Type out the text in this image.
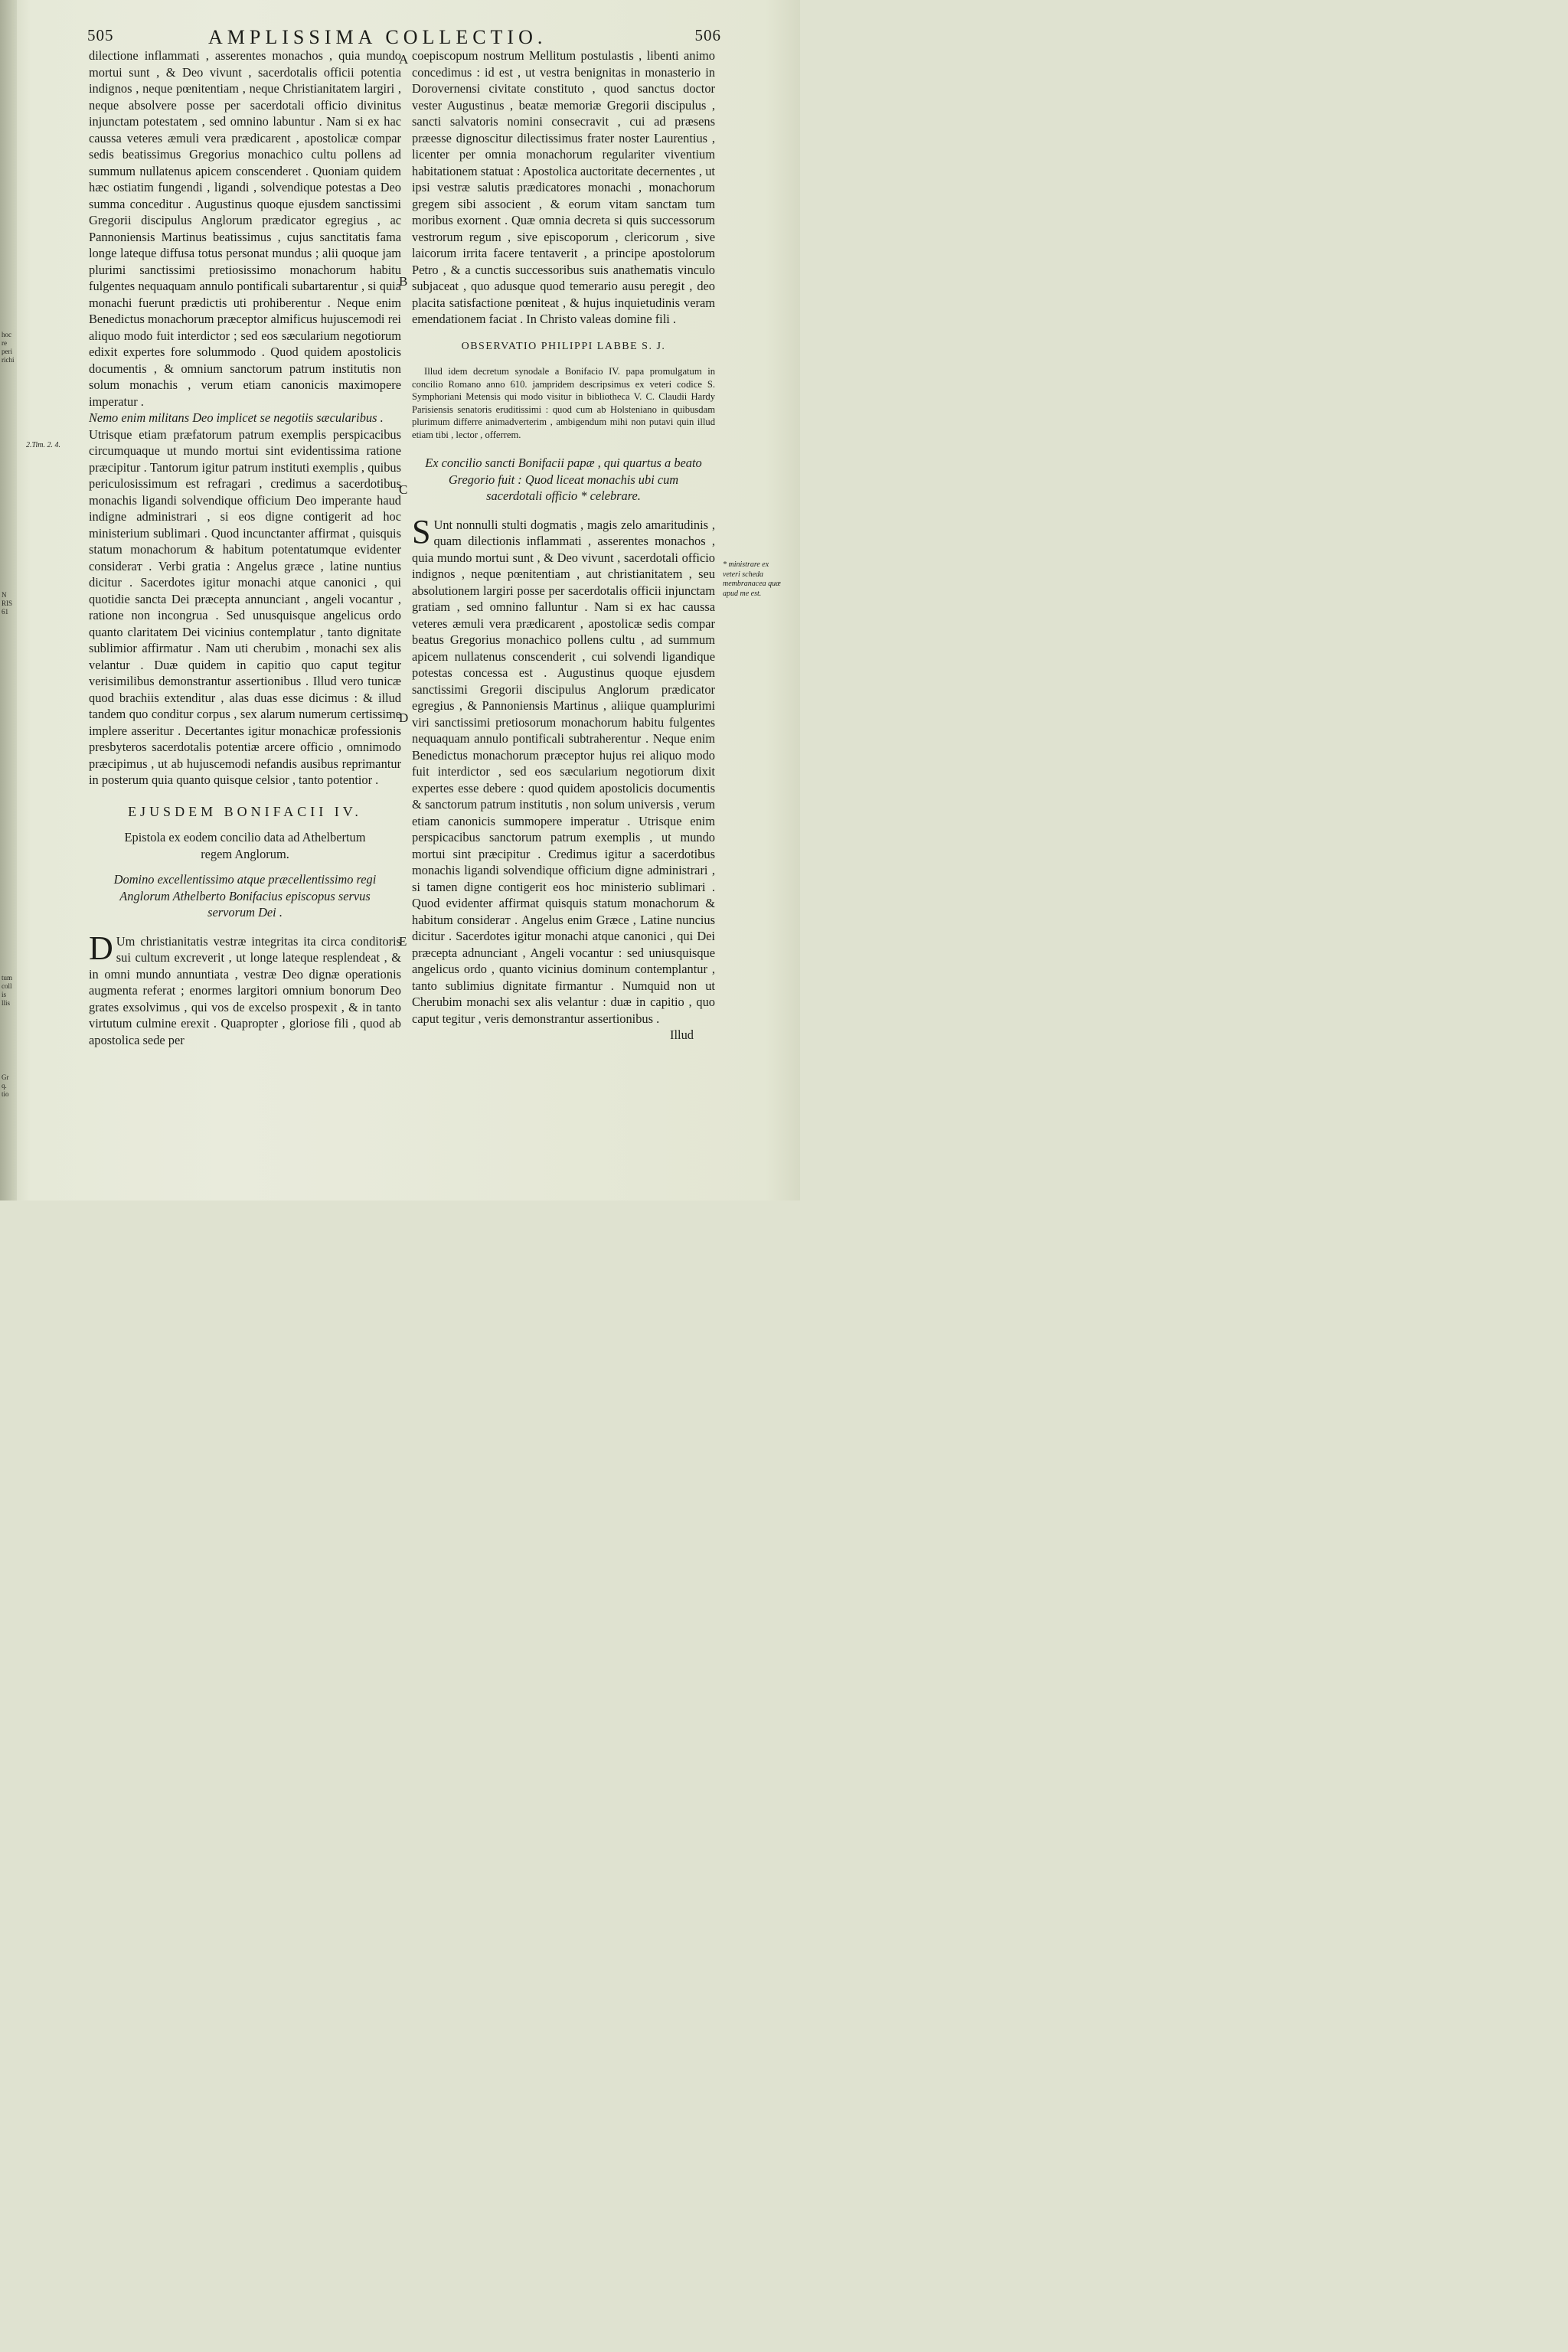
hoc
re
peri
richi
N
RIS
61
tum
coll
is
llis
Gr
q.
tio
505	AMPLISSIMA COLLECTIO.	506

dilectione inflammati , asserentes monachos , quia mundo mortui sunt , & Deo vivunt , sacerdotalis officii potentia indignos , neque pœnitentiam , neque Christianitatem largiri , neque absolvere posse per sacerdotali officio divinitus injunctam potestatem , sed omnino labuntur . Nam si ex hac caussa veteres æmuli vera prædicarent , apostolicæ compar sedis beatissimus Gregorius monachico cultu pollens ad summum nullatenus apicem conscenderet . Quoniam quidem hæc ostiatim fungendi , ligandi , solvendique potestas a Deo summa conceditur . Augustinus quoque ejusdem sanctissimi Gregorii discipulus Anglorum prædicator egregius , ac Pannoniensis Martinus beatissimus , cujus sanctitatis fama longe lateque diffusa totus personat mundus ; alii quoque jam plurimi sanctissimi pretiosissimo monachorum habitu fulgentes nequaquam annulo pontificali subartarentur , si quia monachi fuerunt prædictis uti prohiberentur . Neque enim Benedictus monachorum præceptor almificus hujuscemodi rei aliquo modo fuit interdictor ; sed eos sæcularium negotiorum edixit expertes fore solummodo . Quod quidem apostolicis documentis , & omnium sanctorum patrum institutis non solum monachis , verum etiam canonicis maximopere imperatur .

Nemo enim militans Deo implicet se negotiis sæcularibus .

Utrisque etiam præfatorum patrum exemplis perspicacibus circumquaque ut mundo mortui sint evidentissima ratione præcipitur . Tantorum igitur patrum instituti exemplis , quibus periculosissimum est refragari , credimus a sacerdotibus monachis ligandi solvendique officium Deo imperante haud indigne administrari , si eos digne contigerit ad hoc ministerium sublimari . Quod incunctanter affirmat , quisquis statum monachorum & habitum potentatumque evidenter consideraт . Verbi gratia : Angelus græce , latine nuntius dicitur . Sacerdotes igitur monachi atque canonici , qui quotidie sancta Dei præcepta annunciant , angeli vocantur , ratione non incongrua . Sed unusquisque angelicus ordo quanto claritatem Dei vicinius contemplatur , tanto dignitate sublimior affirmatur . Nam uti cherubim , monachi sex alis velantur . Duæ quidem in capitio quo caput tegitur verisimilibus demonstrantur assertionibus . Illud vero tunicæ quod brachiis extenditur , alas duas esse dicimus : & illud tandem quo conditur corpus , sex alarum numerum certissime implere asseritur . Decertantes igitur monachicæ professionis presbyteros sacerdotalis potentiæ arcere officio , omnimodo præcipimus , ut ab hujuscemodi nefandis ausibus reprimantur in posterum quia quanto quisque celsior , tanto potentior .

EJUSDEM BONIFACII IV.

Epistola ex eodem concilio data ad Athelbertum regem Anglorum.

Domino excellentissimo atque præcellentissimo regi Anglorum Athelberto Bonifacius episcopus servus servorum Dei .

D Um christianitatis vestræ integritas ita circa conditoris sui cultum excreverit , ut longe lateque resplendeat , & in omni mundo annuntiata , vestræ Deo dignæ operationis augmenta referat ; enormes largitori omnium bonorum Deo grates exsolvimus , qui vos de excelso prospexit , & in tanto virtutum culmine erexit . Quapropter , gloriose fili , quod ab apostolica sede per

coepiscopum nostrum Mellitum postulastis , libenti animo concedimus : id est , ut vestra benignitas in monasterio in Dorovernensi civitate constituto , quod sanctus doctor vester Augustinus , beatæ memoriæ Gregorii discipulus , sancti salvatoris nomini consecravit , cui ad præsens præesse dignoscitur dilectissimus frater noster Laurentius , licenter per omnia monachorum regulariter viventium habitationem statuat : Apostolica auctoritate decernentes , ut ipsi vestræ salutis prædicatores monachi , monachorum gregem sibi associent , & eorum vitam sanctam tum moribus exornent . Quæ omnia decreta si quis successorum vestrorum regum , sive episcoporum , clericorum , sive laicorum irrita facere tentaverit , a principe apostolorum Petro , & a cunctis successoribus suis anathematis vinculo subjaceat , quo adusque quod temerario ausu peregit , deo placita satisfactione pœniteat , & hujus inquietudinis veram emendationem faciat . In Christo valeas domine fili .

OBSERVATIO PHILIPPI LABBE S. J.

Illud idem decretum synodale a Bonifacio IV. papa promulgatum in concilio Romano anno 610. jampridem descripsimus ex veteri codice S. Symphoriani Metensis qui modo visitur in bibliotheca V. C. Claudii Hardy Parisiensis senatoris eruditissimi : quod cum ab Holsteniano in quibusdam plurimum differre animadverterim , ambigendum mihi non putavi quin illud etiam tibi , lector , offerrem.

Ex concilio sancti Bonifacii papæ , qui quartus a beato Gregorio fuit : Quod liceat monachis ubi cum sacerdotali officio * celebrare.

S Unt nonnulli stulti dogmatis , magis zelo amaritudinis , quam dilectionis inflammati , asserentes monachos , quia mundo mortui sunt , & Deo vivunt , sacerdotali officio indignos , neque pœnitentiam , aut christianitatem , seu absolutionem largiri posse per sacerdotalis officii injunctam gratiam , sed omnino falluntur . Nam si ex hac caussa veteres æmuli vera prædicarent , apostolicæ sedis compar beatus Gregorius monachico pollens cultu , ad summum apicem nullatenus conscenderit , cui solvendi ligandique potestas concessa est . Augustinus quoque ejusdem sanctissimi Gregorii discipulus Anglorum prædicator egregius , & Pannoniensis Martinus , aliique quamplurimi viri sanctissimi pretiosorum monachorum habitu fulgentes nequaquam annulo pontificali subtraherentur . Neque enim Benedictus monachorum præceptor hujus rei aliquo modo fuit interdictor , sed eos sæcularium negotiorum dixit expertes esse debere : quod quidem apostolicis documentis & sanctorum patrum institutis , non solum universis , verum etiam canonicis summopere imperatur . Utrisque enim perspicacibus sanctorum patrum exemplis , ut mundo mortui sint præcipitur . Credimus igitur a sacerdotibus monachis ligandi solvendique officium digne administrari , si tamen digne contigerit eos hoc ministerio sublimari . Quod evidenter affirmat quisquis statum monachorum & habitum consideraт . Angelus enim Græce , Latine nuncius dicitur . Sacerdotes igitur monachi atque canonici , qui Dei præcepta adnunciant , Angeli vocantur : sed uniusquisque angelicus ordo , quanto vicinius dominum contemplantur , tanto sublimius dignitate firmantur . Numquid non ut Cherubim monachi sex alis velantur : duæ in capitio , quo caput tegitur , veris demonstrantur assertionibus .

Illud

A
B
C
D
E
2.Tim. 2. 4.
* ministrare ex veteri scheda membranacea quæ apud me est.
